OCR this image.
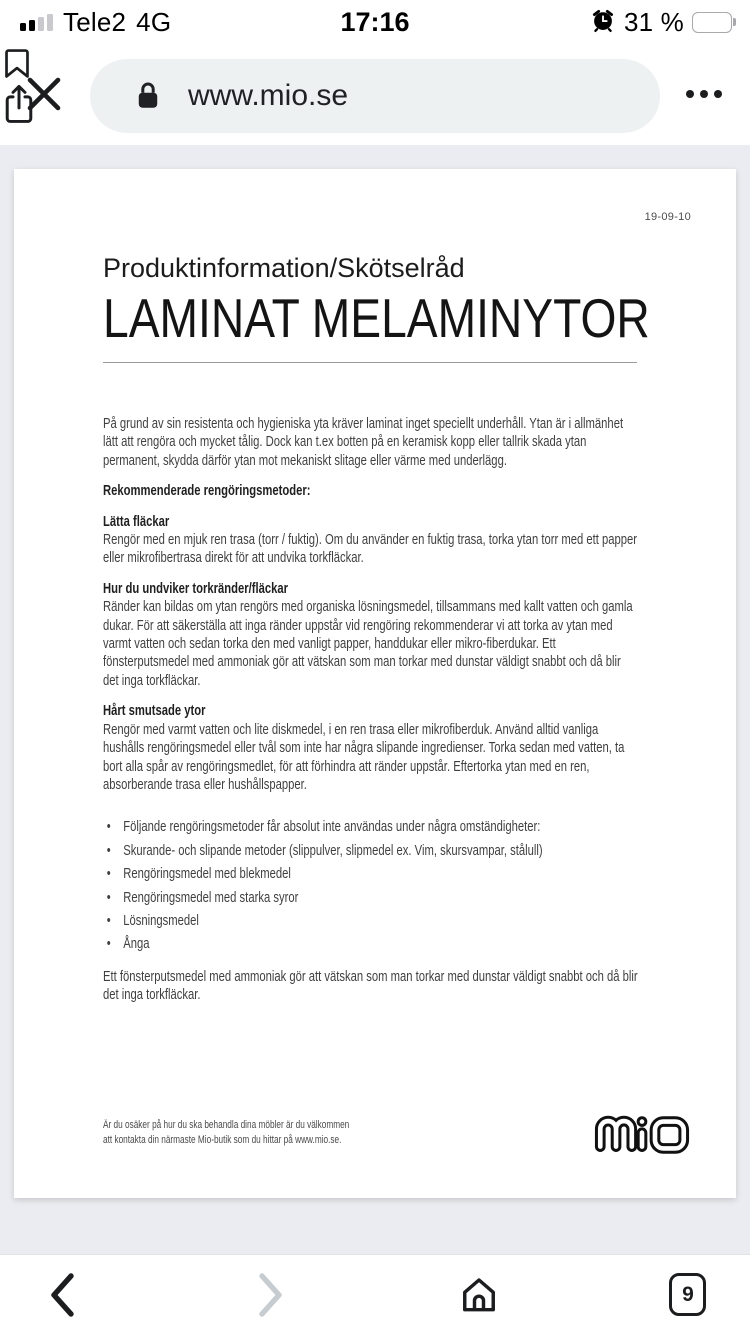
Tele2 4G	17:16	31 %
www.mio.se
19-09-10
Produktinformation/Skötselråd
LAMINAT MELAMINYTOR

På grund av sin resistenta och hygieniska yta kräver laminat inget speciellt underhåll. Ytan är i allmänhet lätt att rengöra och mycket tålig. Dock kan t.ex botten på en keramisk kopp eller tallrik skada ytan permanent, skydda därför ytan mot mekaniskt slitage eller värme med underlägg.

Rekommenderade rengöringsmetoder:
Lätta fläckar

Rengör med en mjuk ren trasa (torr / fuktig). Om du använder en fuktig trasa, torka ytan torr med ett papper eller mikrofibertrasa direkt för att undvika torkfläckar.

Hur du undviker torkränder/fläckar

Ränder kan bildas om ytan rengörs med organiska lösningsmedel, tillsammans med kallt vatten och gamla dukar. För att säkerställa att inga ränder uppstår vid rengöring rekommenderar vi att torka av ytan med varmt vatten och sedan torka den med vanligt papper, handdukar eller mikro-fiberdukar. Ett fönsterputsmedel med ammoniak gör att vätskan som man torkar med dunstar väldigt snabbt och då blir det inga torkfläckar.

Hårt smutsade ytor

Rengör med varmt vatten och lite diskmedel, i en ren trasa eller mikrofiberduk. Använd alltid vanliga hushålls rengöringsmedel eller tvål som inte har några slipande ingredienser. Torka sedan med vatten, ta bort alla spår av rengöringsmedlet, för att förhindra att ränder uppstår. Eftertorka ytan med en ren, absorberande trasa eller hushållspapper.

• Följande rengöringsmetoder får absolut inte användas under några omständigheter:
• Skurande- och slipande metoder (slippulver, slipmedel ex. Vim, skursvampar, stålull)
• Rengöringsmedel med blekmedel
• Rengöringsmedel med starka syror
• Lösningsmedel
• Ånga

Ett fönsterputsmedel med ammoniak gör att vätskan som man torkar med dunstar väldigt snabbt och då blir det inga torkfläckar.

Är du osäker på hur du ska behandla dina möbler är du välkommen
att kontakta din närmaste Mio-butik som du hittar på www.mio.se.
9
